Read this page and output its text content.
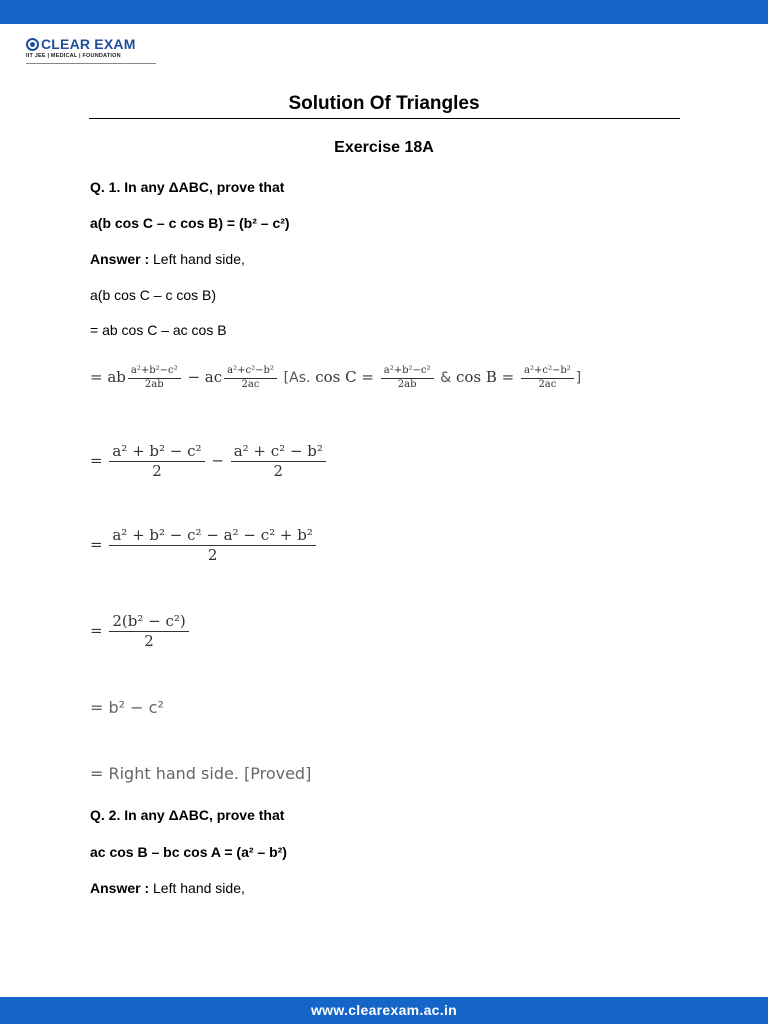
CLEAR EXAM
IIT JEE | MEDICAL | FOUNDATION
Solution Of Triangles
Exercise 18A
Q. 1. In any ΔABC, prove that
a(b cos C – c cos B) = (b² – c²)
Answer : Left hand side,
a(b cos C – c cos B)
= ab cos C – ac cos B
= ab $\frac{\text{a²+b²−c²}}{2ab}$ − ac $\frac{\text{a²+c²−b²}}{2ac} [As$. $\cos C = \frac{\text{a²+b²−c²}}{2ab}$ & $\cos B = \frac{\text{a²+c²−b²}}{2ac}$ ]
= $\frac{\text{a² + b² − c²}}{2} - \frac{\text{a² + c² − b²}}{2}$
= $\frac{\text{a² + b² − c² − a² − c² + b²}}{2}$
= $\frac{\text{2(b² − c²)}}{2}$
= b² − c²
= Right hand side. [Proved]
Q. 2. In any ΔABC, prove that
ac cos B – bc cos A = (a² – b²)
Answer : Left hand side,
www.clearexam.ac.in
